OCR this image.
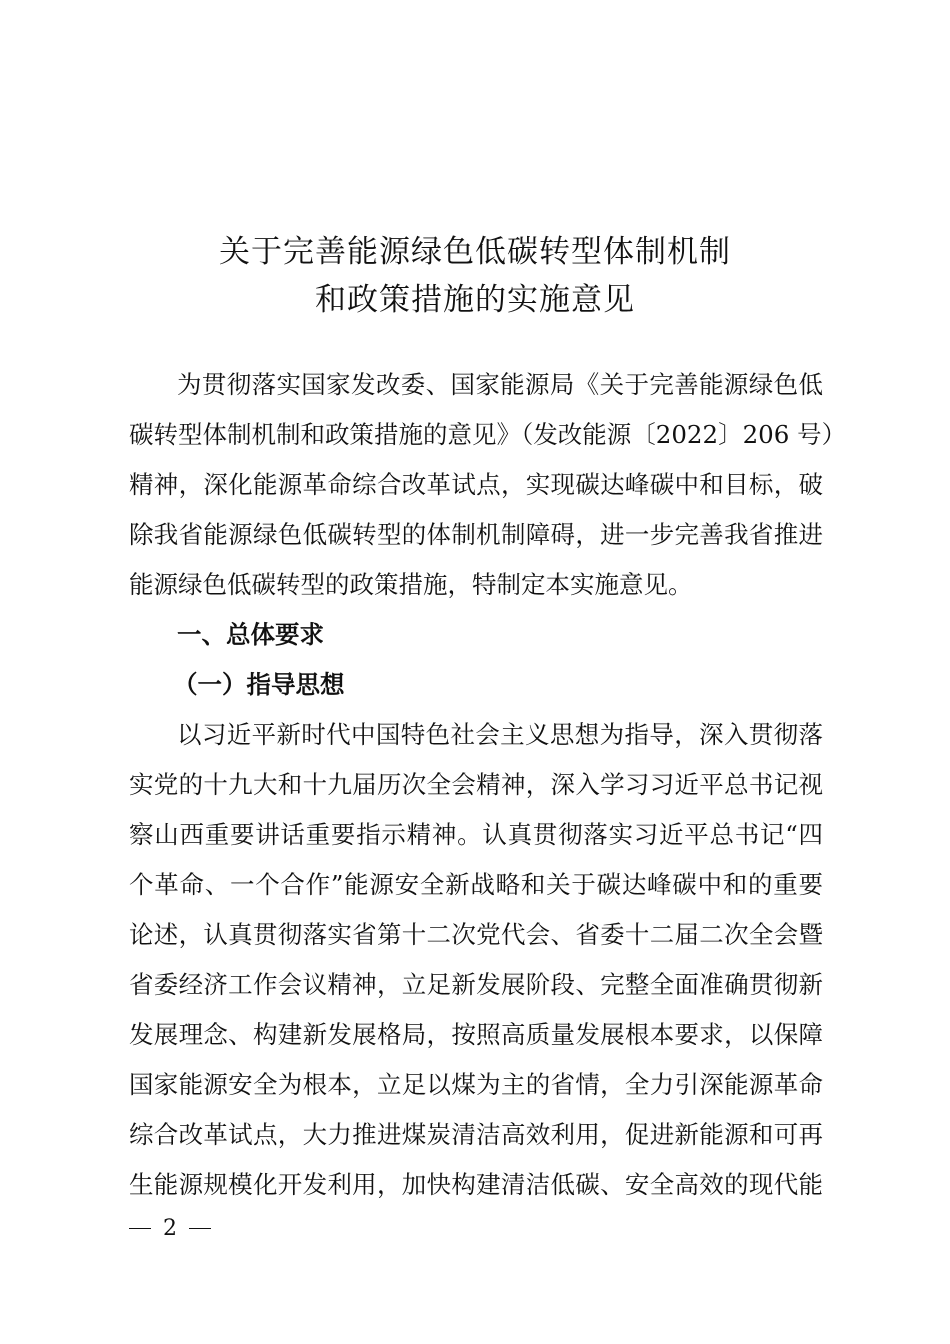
关于完善能源绿色低碳转型体制机制
和政策措施的实施意见
为贯彻落实国家发改委、国家能源局《关于完善能源绿色低
碳转型体制机制和政策措施的意见》（发改能源〔2022〕206 号）
精神，深化能源革命综合改革试点，实现碳达峰碳中和目标，破
除我省能源绿色低碳转型的体制机制障碍，进一步完善我省推进
能源绿色低碳转型的政策措施，特制定本实施意见。
一、总体要求
（一）指导思想
以习近平新时代中国特色社会主义思想为指导，深入贯彻落
实党的十九大和十九届历次全会精神，深入学习习近平总书记视
察山西重要讲话重要指示精神。认真贯彻落实习近平总书记“四
个革命、一个合作”能源安全新战略和关于碳达峰碳中和的重要
论述，认真贯彻落实省第十二次党代会、省委十二届二次全会暨
省委经济工作会议精神，立足新发展阶段、完整全面准确贯彻新
发展理念、构建新发展格局，按照高质量发展根本要求，以保障
国家能源安全为根本，立足以煤为主的省情，全力引深能源革命
综合改革试点，大力推进煤炭清洁高效利用，促进新能源和可再
生能源规模化开发利用，加快构建清洁低碳、安全高效的现代能
2
